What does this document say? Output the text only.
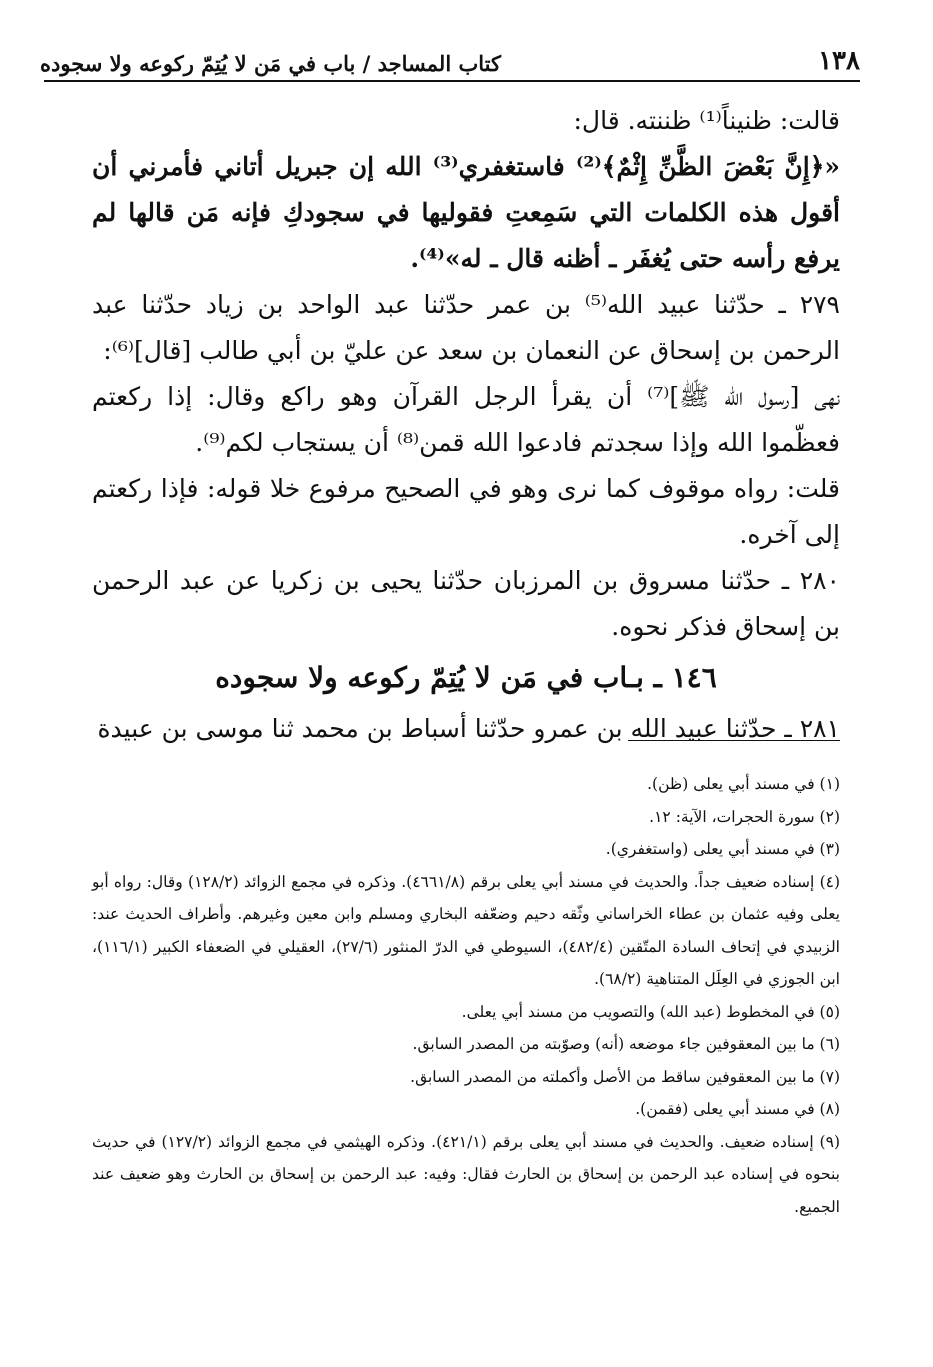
١٣٨
كتاب المساجد / باب في مَن لا يُتِمّ ركوعه ولا سجوده

قالت: ظنيناً⁽¹⁾ ظننته. قال:

«﴿إِنَّ بَعْضَ الظَّنِّ إِثْمٌ﴾⁽²⁾ فاستغفري⁽³⁾ الله إن جبريل أتاني فأمرني أن أقول هذه الكلمات التي سَمِعتِ فقوليها في سجودكِ فإنه مَن قالها لم يرفع رأسه حتى يُغفَر ـ أظنه قال ـ له»⁽⁴⁾.

٢٧٩ ـ حدّثنا عبيد الله⁽⁵⁾ بن عمر حدّثنا عبد الواحد بن زياد حدّثنا عبد الرحمن بن إسحاق عن النعمان بن سعد عن عليّ بن أبي طالب [قال]⁽⁶⁾:

نهى [رسول الله ﷺ]⁽⁷⁾ أن يقرأ الرجل القرآن وهو راكع وقال: إذا ركعتم فعظّموا الله وإذا سجدتم فادعوا الله قمن⁽⁸⁾ أن يستجاب لكم⁽⁹⁾.

قلت: رواه موقوف كما نرى وهو في الصحيح مرفوع خلا قوله: فإذا ركعتم إلى آخره.

٢٨٠ ـ حدّثنا مسروق بن المرزبان حدّثنا يحيى بن زكريا عن عبد الرحمن بن إسحاق فذكر نحوه.

١٤٦ ـ بـاب في مَن لا يُتِمّ ركوعه ولا سجوده

٢٨١ ـ حدّثنا عبيد الله بن عمرو حدّثنا أسباط بن محمد ثنا موسى بن عبيدة

(١) في مسند أبي يعلى (ظن).

(٢) سورة الحجرات، الآية: ١٢.

(٣) في مسند أبي يعلى (واستغفري).

(٤) إسناده ضعيف جداً. والحديث في مسند أبي يعلى برقم (٤٦٦١/٨). وذكره في مجمع الزوائد (١٢٨/٢) وقال: رواه أبو يعلى وفيه عثمان بن عطاء الخراساني وثّقه دحيم وضعّفه البخاري ومسلم وابن معين وغيرهم. وأطراف الحديث عند: الزبيدي في إتحاف السادة المتّقين (٤٨٢/٤)، السيوطي في الدرّ المنثور (٢٧/٦)، العقيلي في الضعفاء الكبير (١١٦/١)، ابن الجوزي في العِلَل المتناهية (٦٨/٢).

(٥) في المخطوط (عبد الله) والتصويب من مسند أبي يعلى.

(٦) ما بين المعقوفين جاء موضعه (أنه) وصوّبته من المصدر السابق.

(٧) ما بين المعقوفين ساقط من الأصل وأكملته من المصدر السابق.

(٨) في مسند أبي يعلى (فقمن).

(٩) إسناده ضعيف. والحديث في مسند أبي يعلى برقم (٤٢١/١). وذكره الهيثمي في مجمع الزوائد (١٢٧/٢) في حديث بنحوه في إسناده عبد الرحمن بن إسحاق بن الحارث فقال: وفيه: عبد الرحمن بن إسحاق بن الحارث وهو ضعيف عند الجميع.
